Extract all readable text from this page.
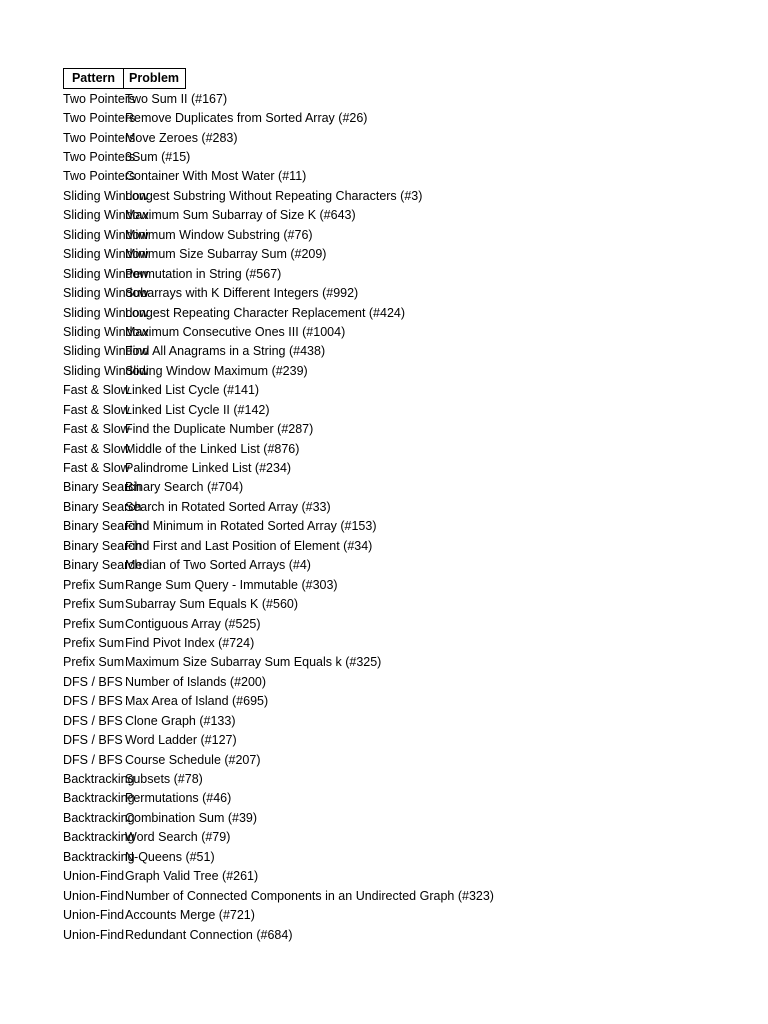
Pattern	Problem
Two Pointers
Two Sum II (#167)
Two Pointers
Remove Duplicates from Sorted Array (#26)
Two Pointers
Move Zeroes (#283)
Two Pointers
3Sum (#15)
Two Pointers
Container With Most Water (#11)
Sliding Window
Longest Substring Without Repeating Characters (#3)
Sliding Window
Maximum Sum Subarray of Size K (#643)
Sliding Window
Minimum Window Substring (#76)
Sliding Window
Minimum Size Subarray Sum (#209)
Sliding Window
Permutation in String (#567)
Sliding Window
Subarrays with K Different Integers (#992)
Sliding Window
Longest Repeating Character Replacement (#424)
Sliding Window
Maximum Consecutive Ones III (#1004)
Sliding Window
Find All Anagrams in a String (#438)
Sliding Window
Sliding Window Maximum (#239)
Fast & Slow
Linked List Cycle (#141)
Fast & Slow
Linked List Cycle II (#142)
Fast & Slow
Find the Duplicate Number (#287)
Fast & Slow
Middle of the Linked List (#876)
Fast & Slow
Palindrome Linked List (#234)
Binary Search
Binary Search (#704)
Binary Search
Search in Rotated Sorted Array (#33)
Binary Search
Find Minimum in Rotated Sorted Array (#153)
Binary Search
Find First and Last Position of Element (#34)
Binary Search
Median of Two Sorted Arrays (#4)
Prefix Sum Range Sum Query - Immutable (#303)
Prefix Sum Subarray Sum Equals K (#560)
Prefix Sum Contiguous Array (#525)
Prefix Sum Find Pivot Index (#724)
Prefix Sum Maximum Size Subarray Sum Equals k (#325)
DFS / BFS Number of Islands (#200)
DFS / BFS Max Area of Island (#695)
DFS / BFS Clone Graph (#133)
DFS / BFS Word Ladder (#127)
DFS / BFS Course Schedule (#207)
Backtracking
Subsets (#78)
Backtracking
Permutations (#46)
Backtracking
Combination Sum (#39)
Backtracking
Word Search (#79)
Backtracking
N-Queens (#51)
Union-Find Graph Valid Tree (#261)
Union-Find Number of Connected Components in an Undirected Graph (#323)
Union-Find Accounts Merge (#721)
Union-Find Redundant Connection (#684)
